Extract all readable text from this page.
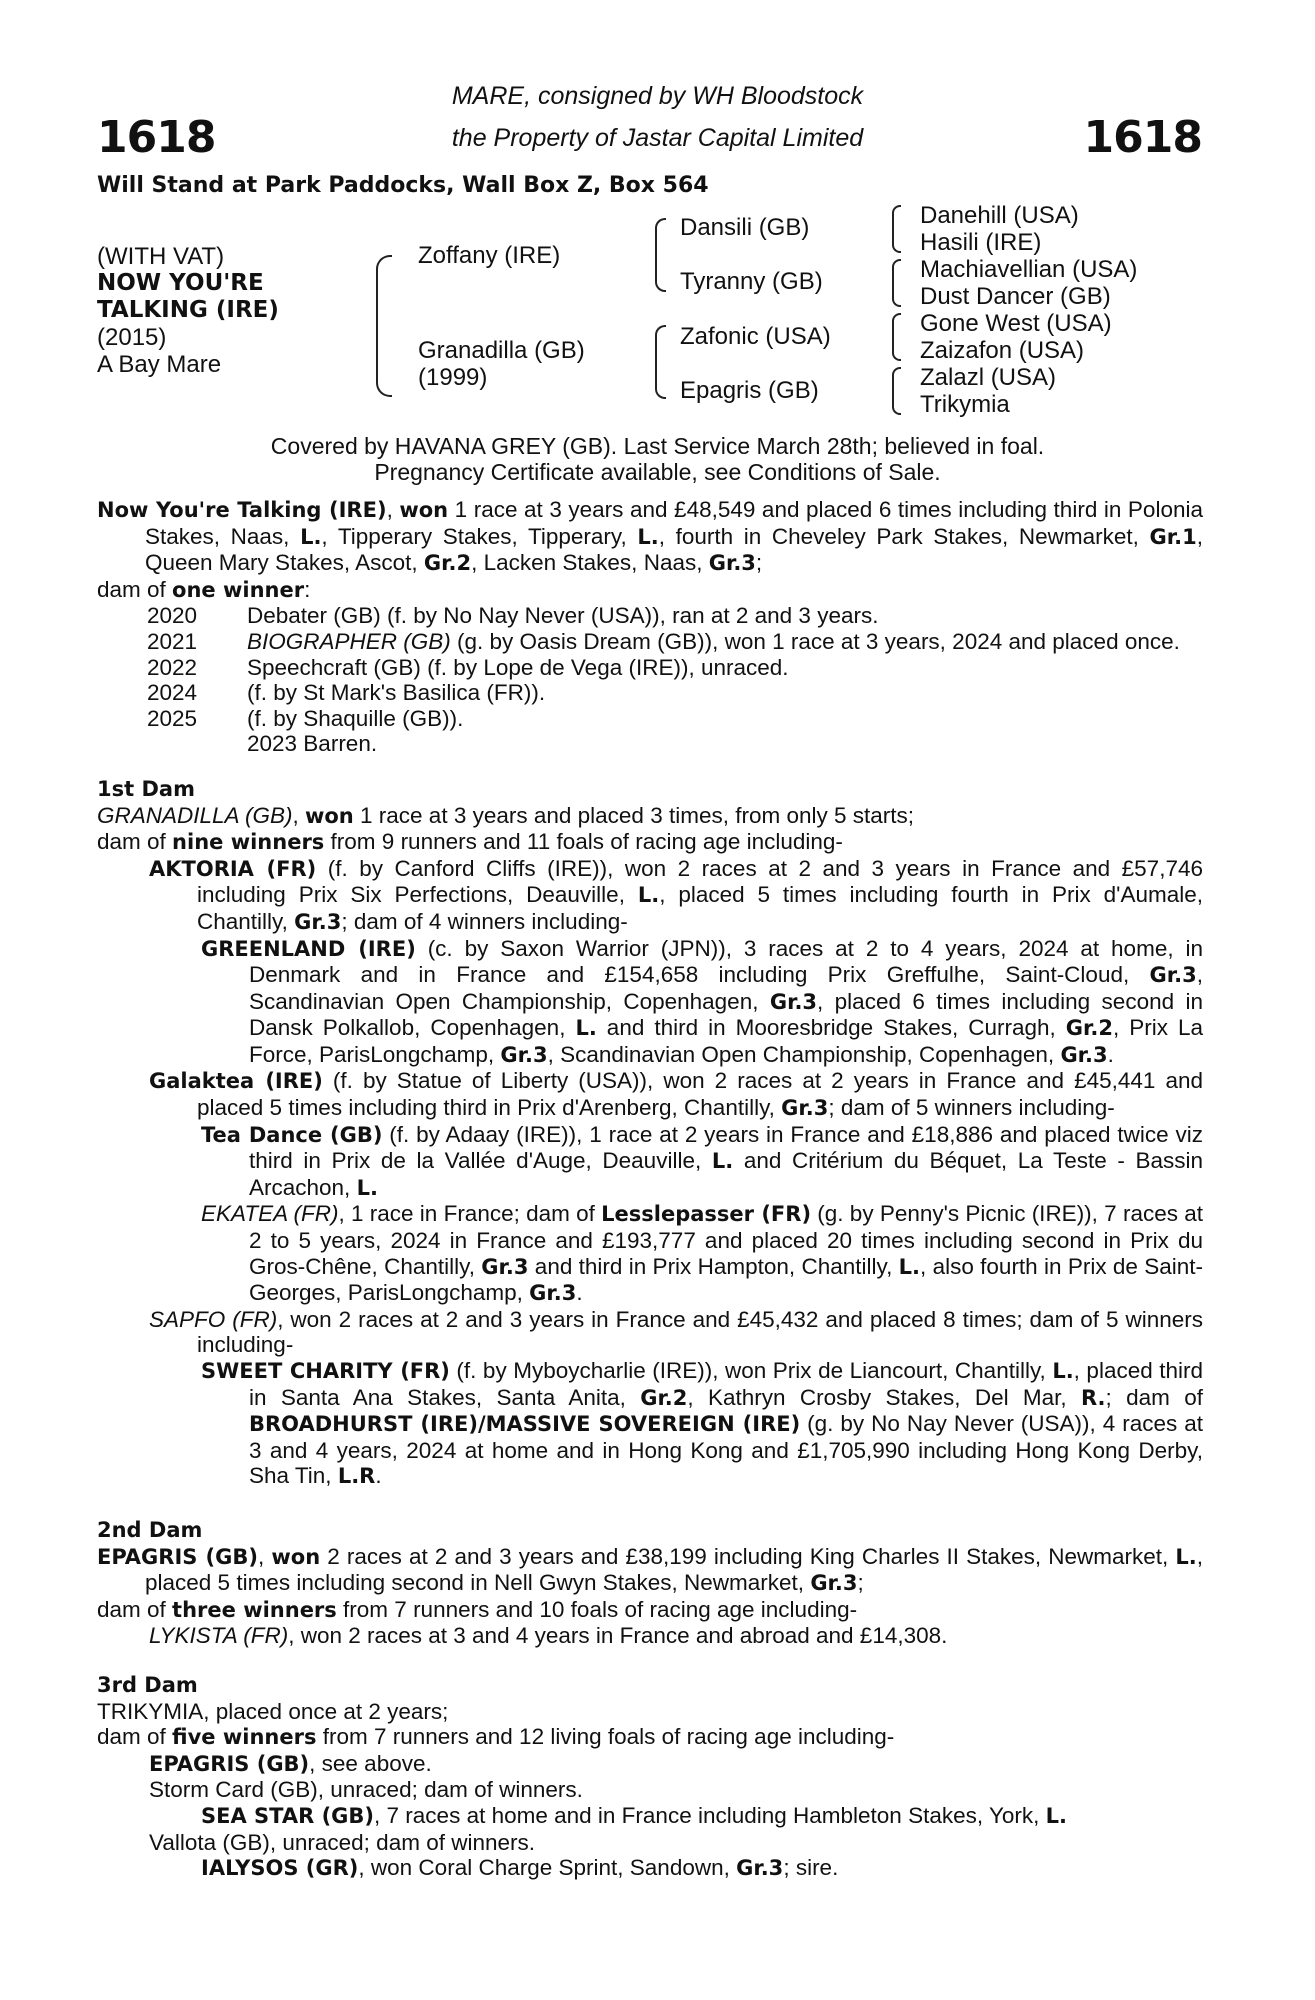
1618	1618
MARE, consigned by WH Bloodstock
the Property of Jastar Capital Limited
Will Stand at Park Paddocks, Wall Box Z, Box 564
(WITH VAT)
NOW YOU'RE
TALKING (IRE)
(2015)
A Bay Mare
Zoffany (IRE)
Granadilla (GB)
(1999)
Dansili (GB)
Tyranny (GB)
Zafonic (USA)
Epagris (GB)
Danehill (USA)
Hasili (IRE)
Machiavellian (USA)
Dust Dancer (GB)
Gone West (USA)
Zaizafon (USA)
Zalazl (USA)
Trikymia
Covered by HAVANA GREY (GB). Last Service March 28th; believed in foal.
Pregnancy Certificate available, see Conditions of Sale.

Now You're Talking (IRE), won 1 race at 3 years and £48,549 and placed 6 times including third in Polonia Stakes, Naas, L., Tipperary Stakes, Tipperary, L., fourth in Cheveley Park Stakes, Newmarket, Gr.1, Queen Mary Stakes, Ascot, Gr.2, Lacken Stakes, Naas, Gr.3;

dam of one winner:
2020 Debater (GB) (f. by No Nay Never (USA)), ran at 2 and 3 years.
2021 BIOGRAPHER (GB) (g. by Oasis Dream (GB)), won 1 race at 3 years, 2024 and placed once.
2022 Speechcraft (GB) (f. by Lope de Vega (IRE)), unraced.
2024 (f. by St Mark's Basilica (FR)).
2025 (f. by Shaquille (GB)).
2023 Barren.
1st Dam
GRANADILLA (GB), won 1 race at 3 years and placed 3 times, from only 5 starts;
dam of nine winners from 9 runners and 11 foals of racing age including-

AKTORIA (FR) (f. by Canford Cliffs (IRE)), won 2 races at 2 and 3 years in France and £57,746 including Prix Six Perfections, Deauville, L., placed 5 times including fourth in Prix d'Aumale, Chantilly, Gr.3; dam of 4 winners including-

GREENLAND (IRE) (c. by Saxon Warrior (JPN)), 3 races at 2 to 4 years, 2024 at home, in Denmark and in France and £154,658 including Prix Greffulhe, Saint-Cloud, Gr.3, Scandinavian Open Championship, Copenhagen, Gr.3, placed 6 times including second in Dansk Polkallob, Copenhagen, L. and third in Mooresbridge Stakes, Curragh, Gr.2, Prix La Force, ParisLongchamp, Gr.3, Scandinavian Open Championship, Copenhagen, Gr.3.

Galaktea (IRE) (f. by Statue of Liberty (USA)), won 2 races at 2 years in France and £45,441 and placed 5 times including third in Prix d'Arenberg, Chantilly, Gr.3; dam of 5 winners including-

Tea Dance (GB) (f. by Adaay (IRE)), 1 race at 2 years in France and £18,886 and placed twice viz third in Prix de la Vallée d'Auge, Deauville, L. and Critérium du Béquet, La Teste - Bassin Arcachon, L.

EKATEA (FR), 1 race in France; dam of Lesslepasser (FR) (g. by Penny's Picnic (IRE)), 7 races at 2 to 5 years, 2024 in France and £193,777 and placed 20 times including second in Prix du Gros-Chêne, Chantilly, Gr.3 and third in Prix Hampton, Chantilly, L., also fourth in Prix de Saint-Georges, ParisLongchamp, Gr.3.

SAPFO (FR), won 2 races at 2 and 3 years in France and £45,432 and placed 8 times; dam of 5 winners including-

SWEET CHARITY (FR) (f. by Myboycharlie (IRE)), won Prix de Liancourt, Chantilly, L., placed third in Santa Ana Stakes, Santa Anita, Gr.2, Kathryn Crosby Stakes, Del Mar, R.; dam of BROADHURST (IRE)/MASSIVE SOVEREIGN (IRE) (g. by No Nay Never (USA)), 4 races at 3 and 4 years, 2024 at home and in Hong Kong and £1,705,990 including Hong Kong Derby, Sha Tin, L.R.

2nd Dam

EPAGRIS (GB), won 2 races at 2 and 3 years and £38,199 including King Charles II Stakes, Newmarket, L., placed 5 times including second in Nell Gwyn Stakes, Newmarket, Gr.3;

dam of three winners from 7 runners and 10 foals of racing age including-
LYKISTA (FR), won 2 races at 3 and 4 years in France and abroad and £14,308.
3rd Dam
TRIKYMIA, placed once at 2 years;
dam of five winners from 7 runners and 12 living foals of racing age including-
EPAGRIS (GB), see above.
Storm Card (GB), unraced; dam of winners.
SEA STAR (GB), 7 races at home and in France including Hambleton Stakes, York, L.
Vallota (GB), unraced; dam of winners.
IALYSOS (GR), won Coral Charge Sprint, Sandown, Gr.3; sire.
